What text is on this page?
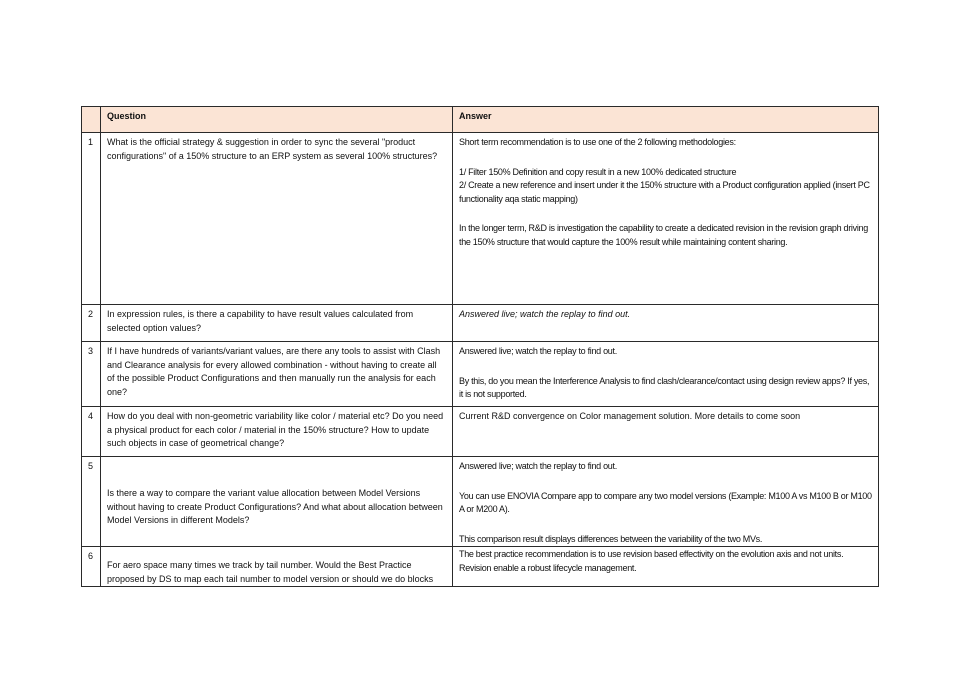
	Question	Answer
1	What is the official strategy & suggestion in order to sync the several "product configurations" of a 150% structure to an ERP system as several 100% structures?	Short term recommendation is to use one of the 2 following methodologies:

1/ Filter 150% Definition and copy result in a new 100% dedicated structure

2/ Create a new reference and insert under it the 150% structure with a Product configuration applied (insert PC functionality aqa static mapping)

In the longer term, R&D is investigation the capability to create a dedicated revision in the revision graph driving the 150% structure that would capture the 100% result while maintaining content sharing.

2	In expression rules, is there a capability to have result values calculated from selected option values?	Answered live; watch the replay to find out.

3	If I have hundreds of variants/variant values, are there any tools to assist with Clash and Clearance analysis for every allowed combination - without having to create all of the possible Product Configurations and then manually run the analysis for each one?	Answered live; watch the replay to find out.

By this, do you mean the Interference Analysis to find clash/clearance/contact using design review apps? If yes, it is not supported.

4	How do you deal with non-geometric variability like color / material etc? Do you need a physical product for each color / material in the 150% structure? How to update such objects in case of geometrical change?	Current R&D convergence on Color management solution. More details to come soon

5	Is there a way to compare the variant value allocation between Model Versions without having to create Product Configurations? And what about allocation between Model Versions in different Models?	Answered live; watch the replay to find out.

You can use ENOVIA Compare app to compare any two model versions (Example: M100 A vs M100 B or M100 A or M200 A).

This comparison result displays differences between the variability of the two MVs.

6	For aero space many times we track by tail number. Would the Best Practice proposed by DS to map each tail number to model version or should we do blocks	The best practice recommendation is to use revision based effectivity on the evolution axis and not units. Revision enable a robust lifecycle management.
